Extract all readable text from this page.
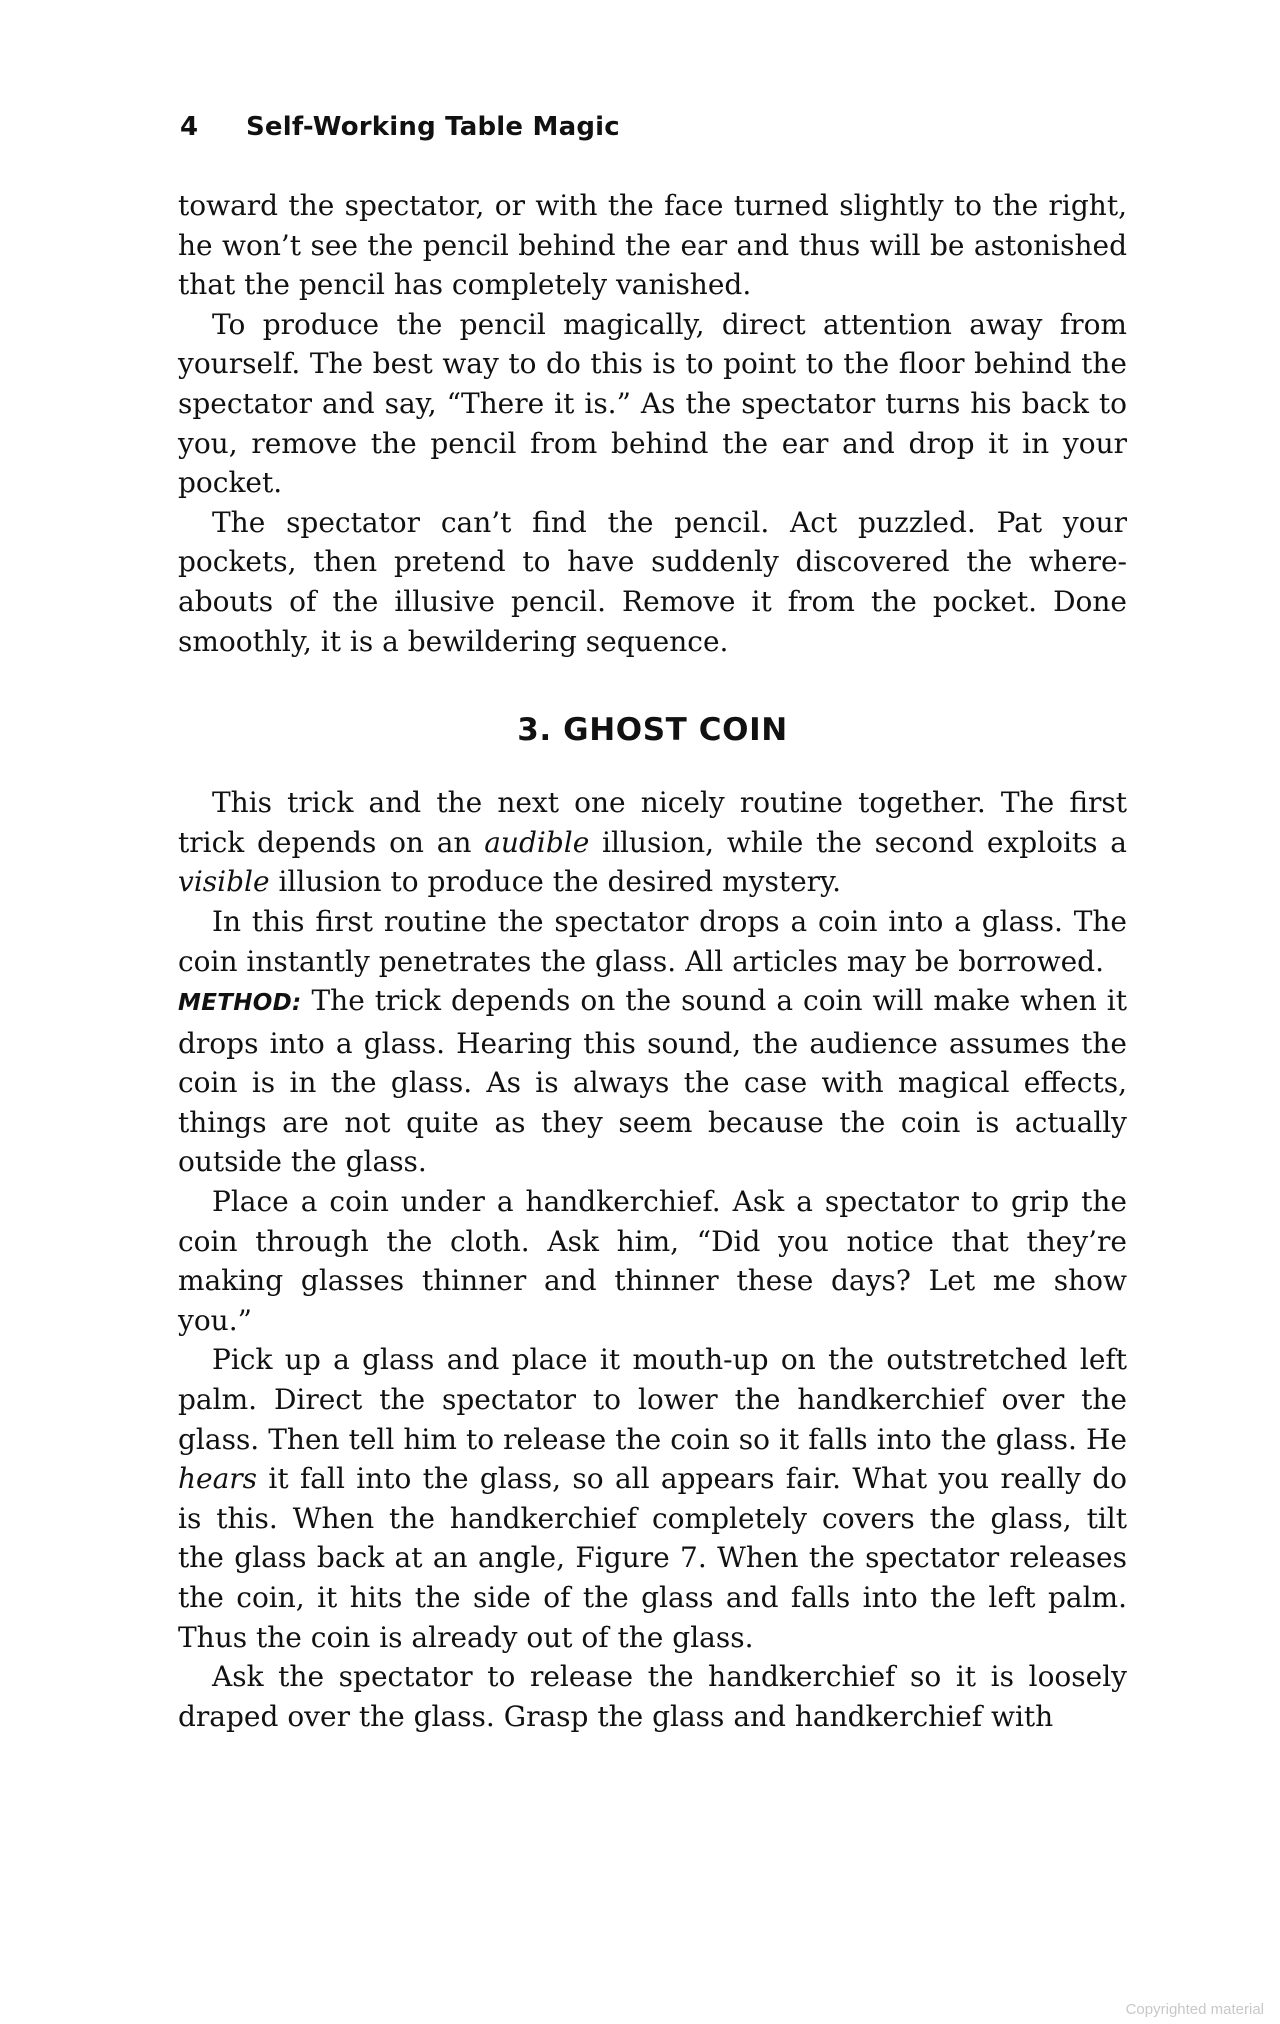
4 Self-Working Table Magic

toward the spectator, or with the face turned slightly to the right, he won’t see the pencil behind the ear and thus will be astonished that the pencil has completely vanished.

To produce the pencil magically, direct attention away from yourself. The best way to do this is to point to the floor behind the spectator and say, “There it is.” As the spectator turns his back to you, remove the pencil from behind the ear and drop it in your pocket.

The spectator can’t find the pencil. Act puzzled. Pat your pockets, then pretend to have suddenly discovered the whereabouts of the illusive pencil. Remove it from the pocket. Done smoothly, it is a bewildering sequence.

3. GHOST COIN

This trick and the next one nicely routine together. The first trick depends on an audible illusion, while the second exploits a visible illusion to produce the desired mystery.

In this first routine the spectator drops a coin into a glass. The coin instantly penetrates the glass. All articles may be borrowed.

METHOD: The trick depends on the sound a coin will make when it drops into a glass. Hearing this sound, the audience assumes the coin is in the glass. As is always the case with magical effects, things are not quite as they seem because the coin is actually outside the glass.

Place a coin under a handkerchief. Ask a spectator to grip the coin through the cloth. Ask him, “Did you notice that they’re making glasses thinner and thinner these days? Let me show you.”

Pick up a glass and place it mouth-up on the outstretched left palm. Direct the spectator to lower the handkerchief over the glass. Then tell him to release the coin so it falls into the glass. He hears it fall into the glass, so all appears fair. What you really do is this. When the handkerchief completely covers the glass, tilt the glass back at an angle, Figure 7. When the spectator releases the coin, it hits the side of the glass and falls into the left palm. Thus the coin is already out of the glass.

Ask the spectator to release the handkerchief so it is loosely draped over the glass. Grasp the glass and handkerchief with

Copyrighted material
